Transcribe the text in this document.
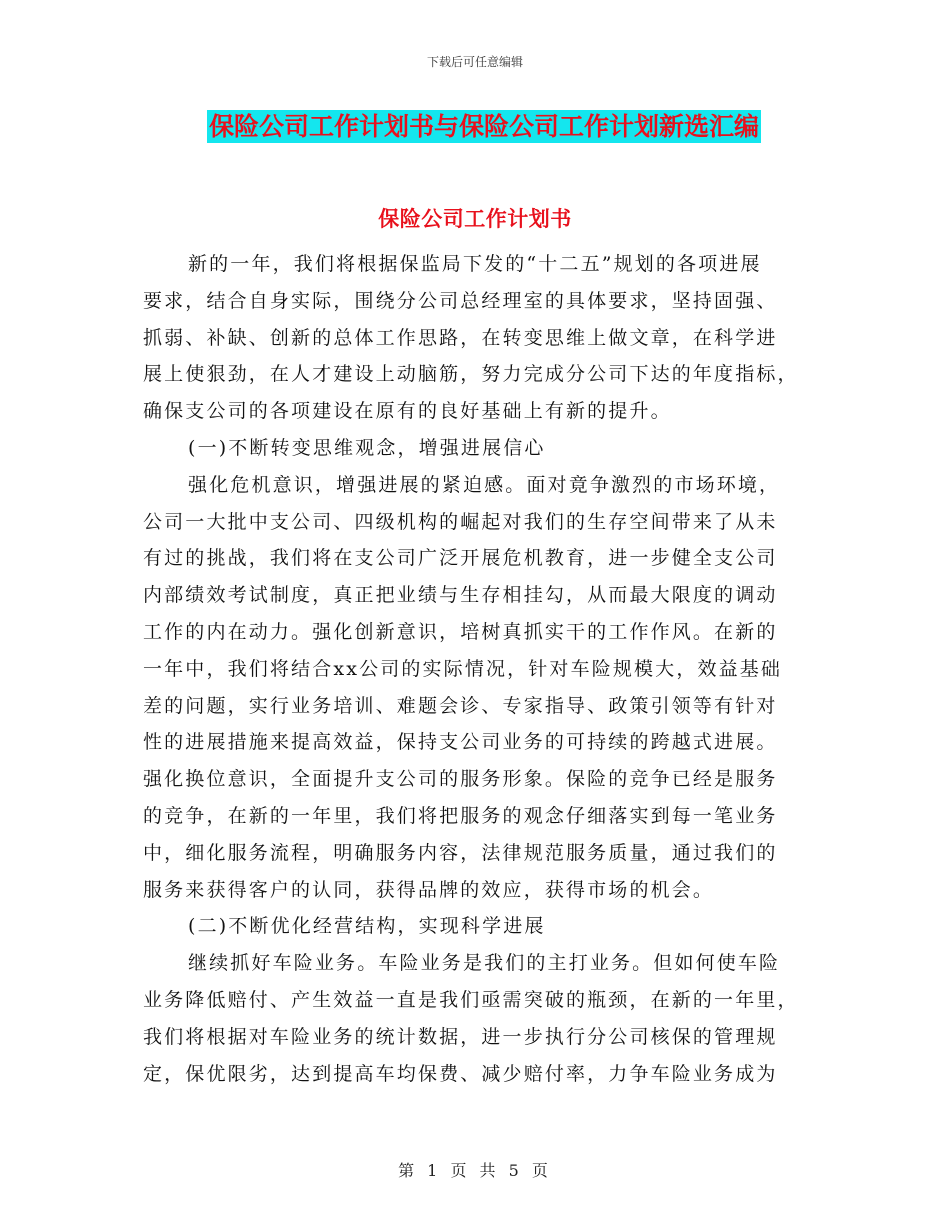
下载后可任意编辑
保险公司工作计划书与保险公司工作计划新选汇编
保险公司工作计划书
新的一年，我们将根据保监局下发的“十二五”规划的各项进展
要求，结合自身实际，围绕分公司总经理室的具体要求，坚持固强、
抓弱、补缺、创新的总体工作思路，在转变思维上做文章，在科学进
展上使狠劲，在人才建设上动脑筋，努力完成分公司下达的年度指标，
确保支公司的各项建设在原有的良好基础上有新的提升。
(一)不断转变思维观念，增强进展信心
强化危机意识，增强进展的紧迫感。面对竟争激烈的市场环境，
公司一大批中支公司、四级机构的崛起对我们的生存空间带来了从未
有过的挑战，我们将在支公司广泛开展危机教育，进一步健全支公司
内部绩效考试制度，真正把业绩与生存相挂勾，从而最大限度的调动
工作的内在动力。强化创新意识，培树真抓实干的工作作风。在新的
一年中，我们将结合xx公司的实际情况，针对车险规模大，效益基础
差的问题，实行业务培训、难题会诊、专家指导、政策引领等有针对
性的进展措施来提高效益，保持支公司业务的可持续的跨越式进展。
强化换位意识，全面提升支公司的服务形象。保险的竞争已经是服务
的竞争，在新的一年里，我们将把服务的观念仔细落实到每一笔业务
中，细化服务流程，明确服务内容，法律规范服务质量，通过我们的
服务来获得客户的认同，获得品牌的效应，获得市场的机会。
(二)不断优化经营结构，实现科学进展
继续抓好车险业务。车险业务是我们的主打业务。但如何使车险
业务降低赔付、产生效益一直是我们亟需突破的瓶颈，在新的一年里，
我们将根据对车险业务的统计数据，进一步执行分公司核保的管理规
定，保优限劣，达到提高车均保费、减少赔付率，力争车险业务成为
第 1 页 共 5 页
